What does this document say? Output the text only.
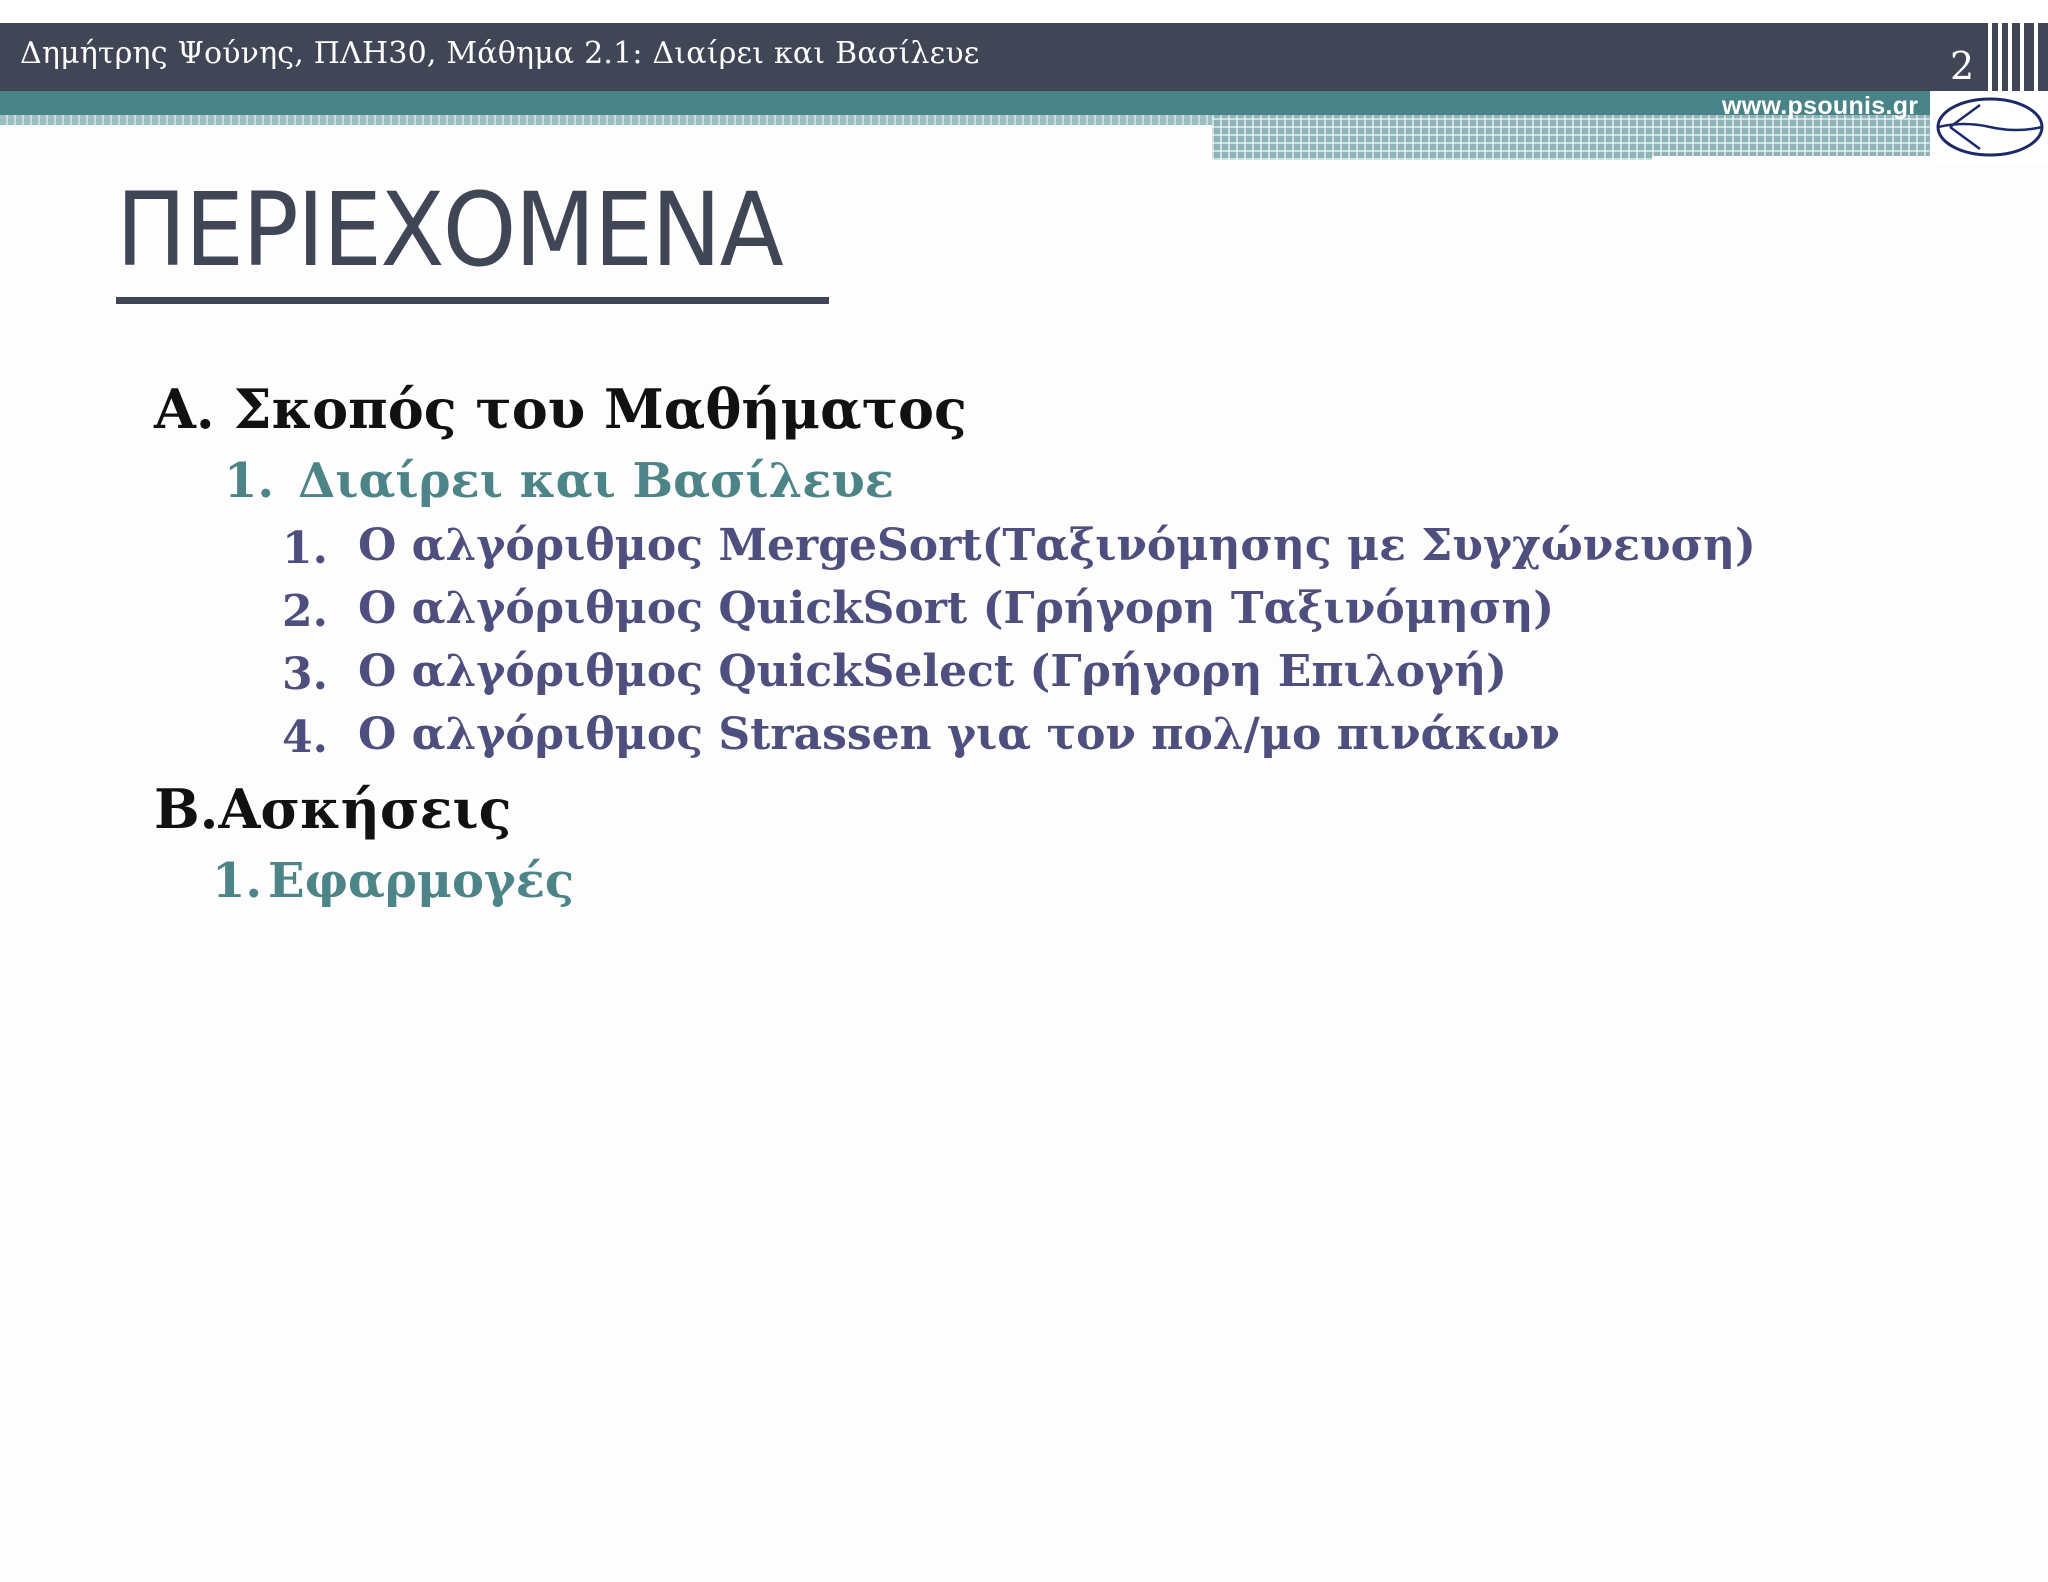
Δημήτρης Ψούνης, ΠΛΗ30, Μάθημα 2.1: Διαίρει και Βασίλευε	2
www.psounis.gr
ΠΕΡΙΕΧΟΜΕΝΑ
Α. Σκοπός του Μαθήματος
1. Διαίρει και Βασίλευε
1. Ο αλγόριθμος MergeSort(Ταξινόμησης με Συγχώνευση)
2. Ο αλγόριθμος QuickSort (Γρήγορη Ταξινόμηση)
3. Ο αλγόριθμος QuickSelect (Γρήγορη Επιλογή)
4. Ο αλγόριθμος Strassen για τον πολ/μο πινάκων
Β.Ασκήσεις
1. Εφαρμογές
